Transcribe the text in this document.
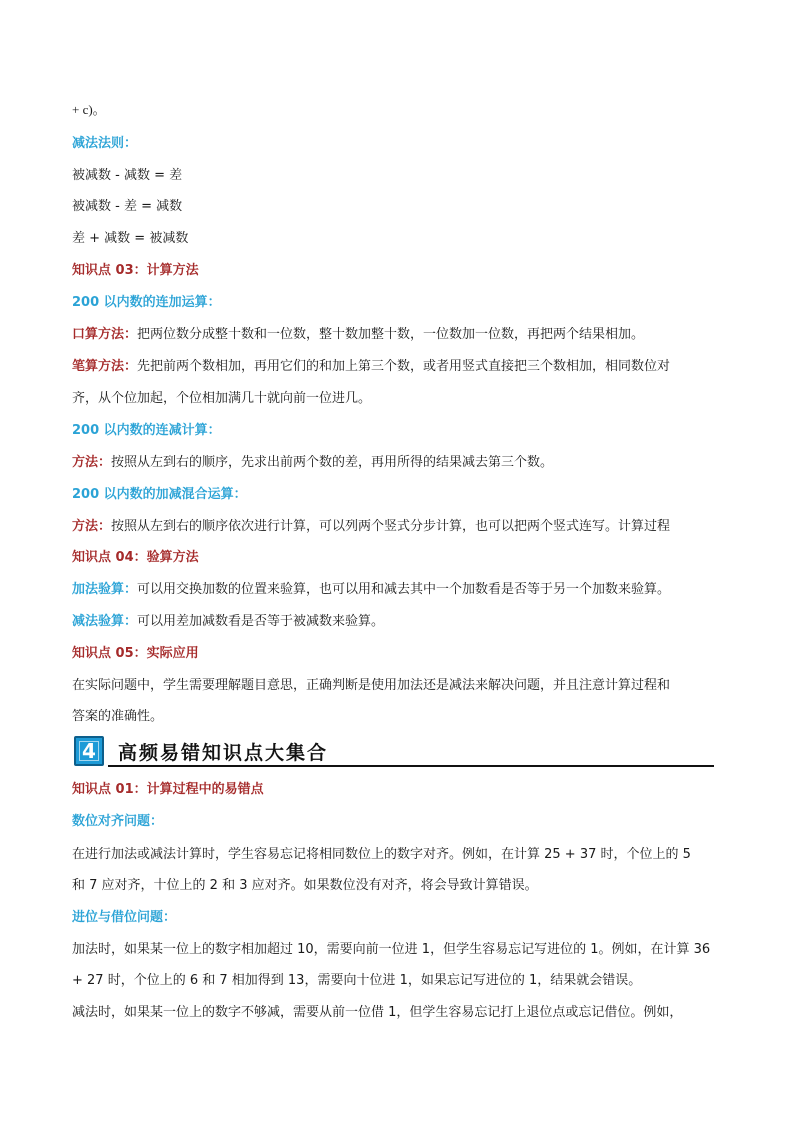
+ c)。
减法法则：
被减数 - 减数 = 差
被减数 - 差 = 减数
差 + 减数 = 被减数
知识点 03：计算方法
200 以内数的连加运算：
口算方法：把两位数分成整十数和一位数，整十数加整十数，一位数加一位数，再把两个结果相加。
笔算方法：先把前两个数相加，再用它们的和加上第三个数，或者用竖式直接把三个数相加，相同数位对
齐，从个位加起，个位相加满几十就向前一位进几。
200 以内数的连减计算：
方法：按照从左到右的顺序，先求出前两个数的差，再用所得的结果减去第三个数。
200 以内数的加减混合运算：
方法：按照从左到右的顺序依次进行计算，可以列两个竖式分步计算，也可以把两个竖式连写。计算过程
知识点 04：验算方法
加法验算：可以用交换加数的位置来验算，也可以用和减去其中一个加数看是否等于另一个加数来验算。
减法验算：可以用差加减数看是否等于被减数来验算。
知识点 05：实际应用
在实际问题中，学生需要理解题目意思，正确判断是使用加法还是减法来解决问题，并且注意计算过程和
答案的准确性。
4	高频易错知识点大集合
知识点 01：计算过程中的易错点
数位对齐问题：
在进行加法或减法计算时，学生容易忘记将相同数位上的数字对齐。例如，在计算 25 + 37 时，个位上的 5
和 7 应对齐，十位上的 2 和 3 应对齐。如果数位没有对齐，将会导致计算错误。
进位与借位问题：
加法时，如果某一位上的数字相加超过 10，需要向前一位进 1，但学生容易忘记写进位的 1。例如，在计算 36
+ 27 时，个位上的 6 和 7 相加得到 13，需要向十位进 1，如果忘记写进位的 1，结果就会错误。
减法时，如果某一位上的数字不够减，需要从前一位借 1，但学生容易忘记打上退位点或忘记借位。例如，
